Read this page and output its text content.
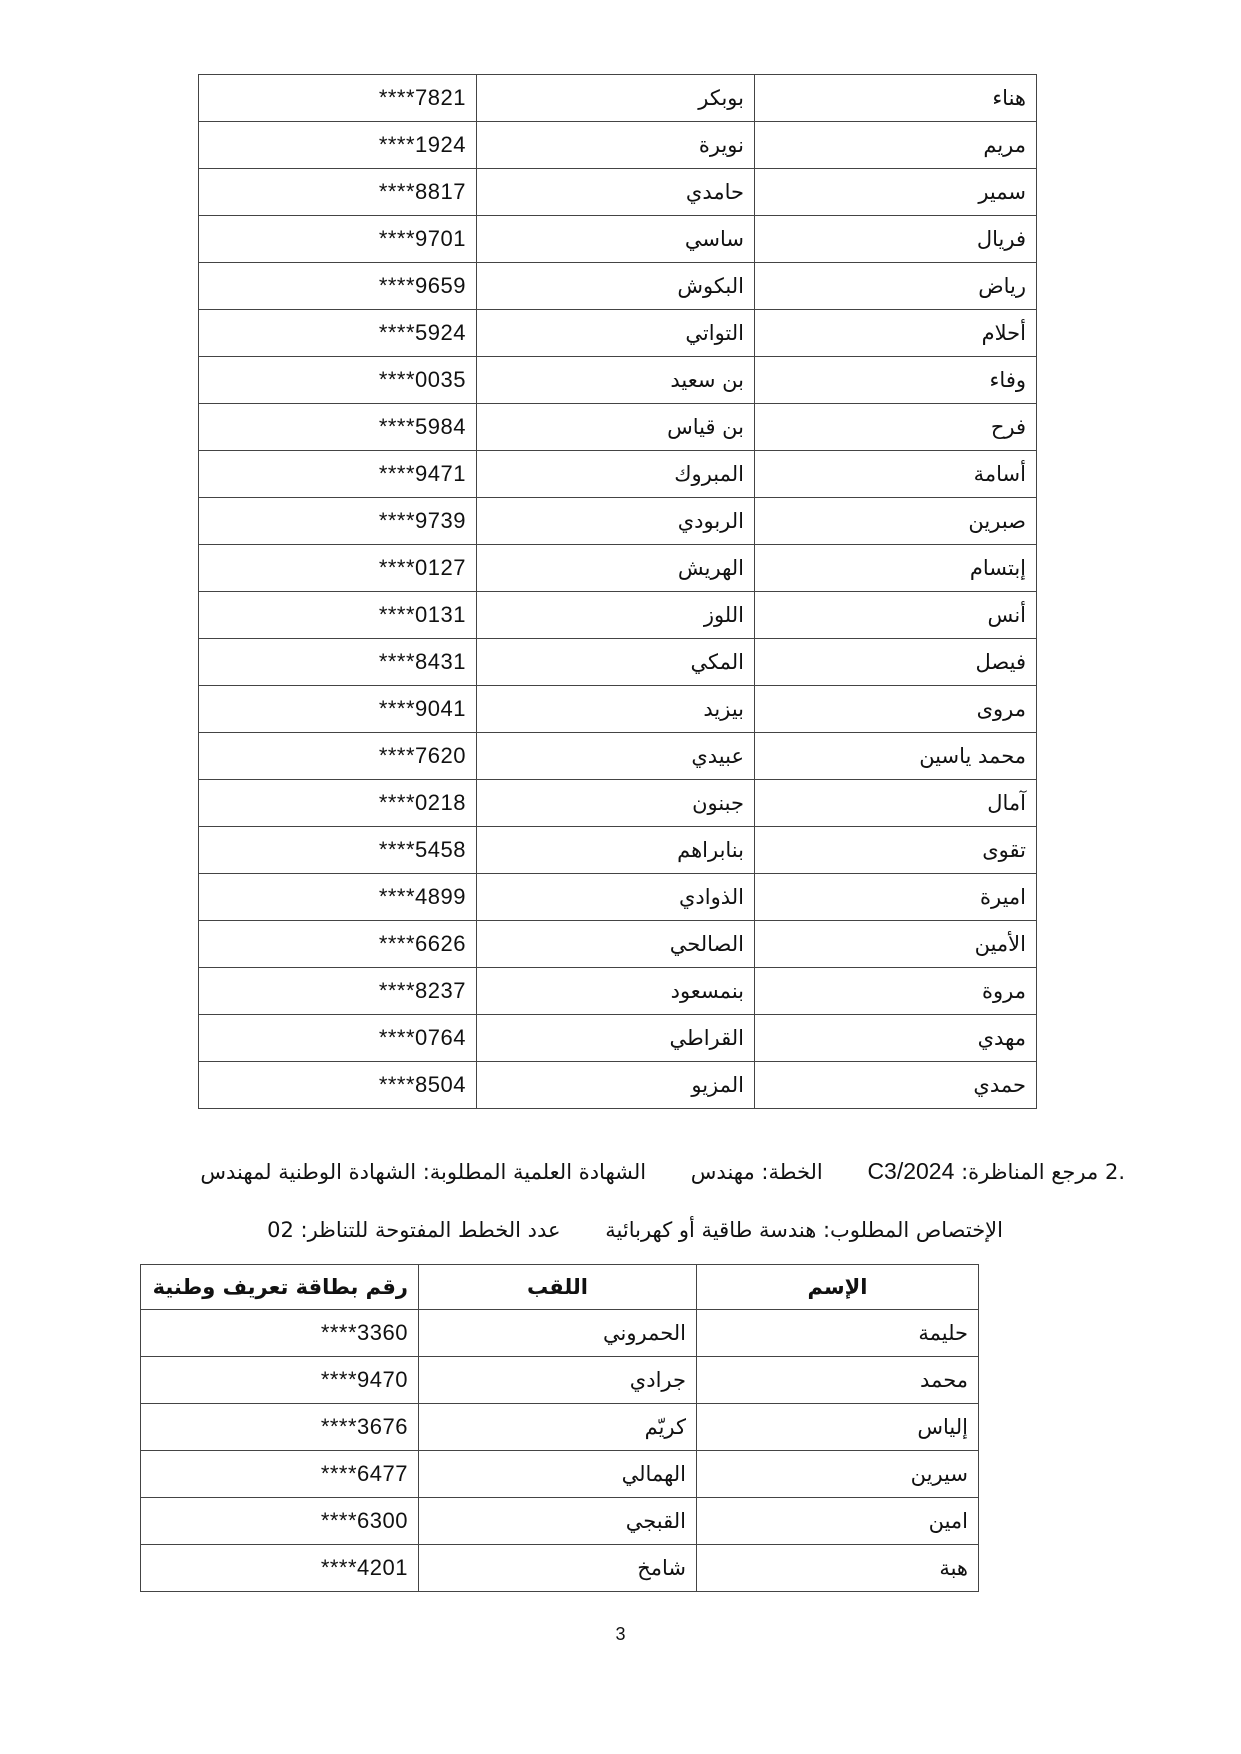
****7821	بوبكر	هناء
****1924	نويرة	مريم
****8817	حامدي	سمير
****9701	ساسي	فريال
****9659	البكوش	رياض
****5924	التواتي	أحلام
****0035	بن سعيد	وفاء
****5984	بن قياس	فرح
****9471	المبروك	أسامة
****9739	الربودي	صبرين
****0127	الهريش	إبتسام
****0131	اللوز	أنس
****8431	المكي	فيصل
****9041	بيزيد	مروى
****7620	عبيدي	محمد ياسين
****0218	جبنون	آمال
****5458	بنابراهم	تقوى
****4899	الذوادي	اميرة
****6626	الصالحي	الأمين
****8237	بنمسعود	مروة
****0764	القراطي	مهدي
****8504	المزيو	حمدي
.2 مرجع المناظرة: C3/2024 الخطة: مهندس الشهادة العلمية المطلوبة: الشهادة الوطنية لمهندس
الإختصاص المطلوب: هندسة طاقية أو كهربائية عدد الخطط المفتوحة للتناظر: 02
رقم بطاقة تعريف وطنية	اللقب	الإسم
****3360	الحمروني	حليمة
****9470	جرادي	محمد
****3676	كريّم	إلياس
****6477	الهمالي	سيرين
****6300	القبجي	امين
****4201	شامخ	هبة
3
